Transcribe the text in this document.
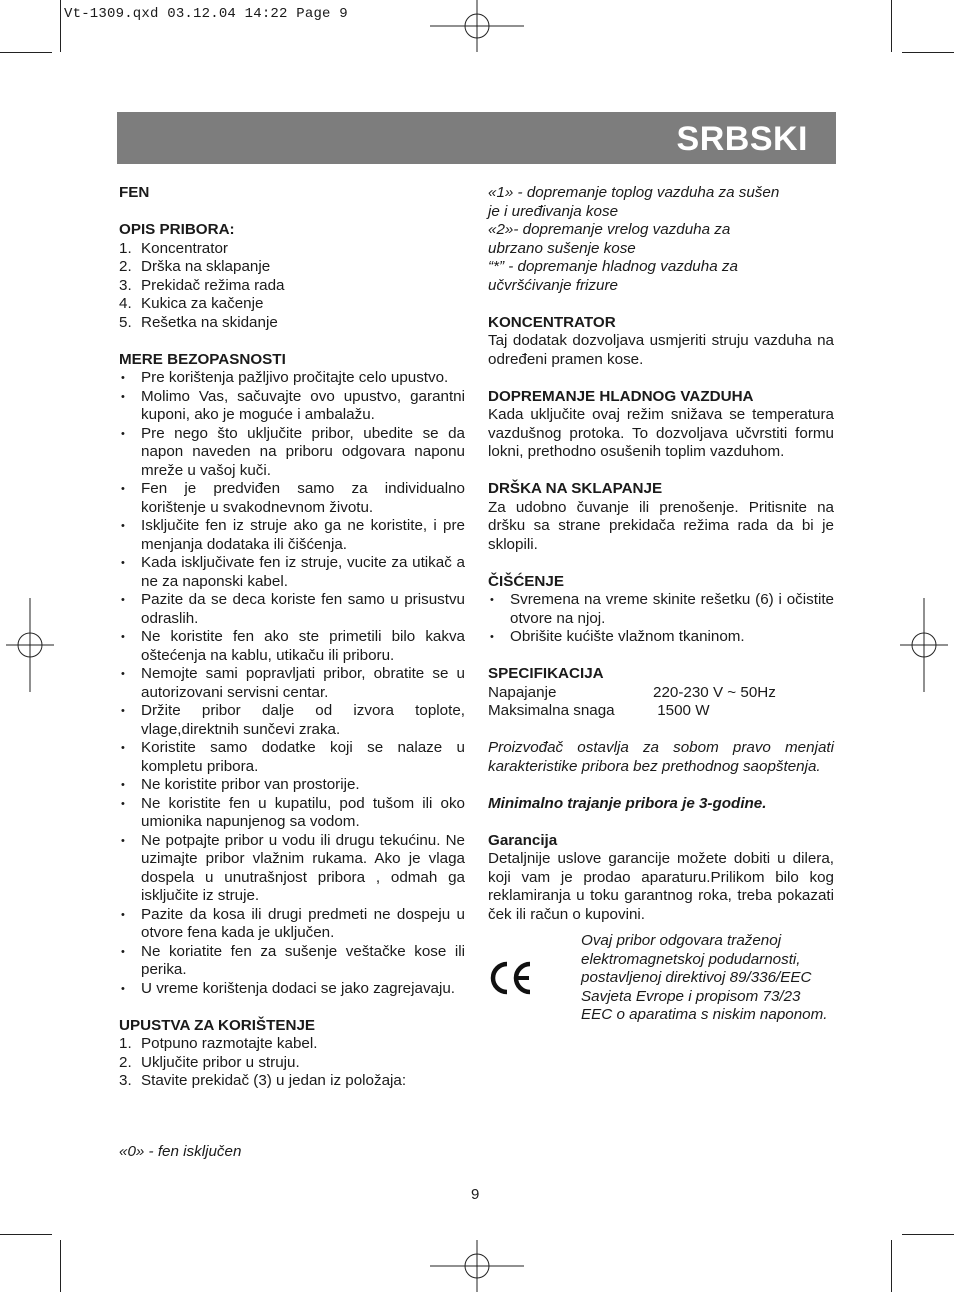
Vt-1309.qxd 03.12.04 14:22 Page 9
SRBSKI
FEN
OPIS PRIBORA:
1. Koncentrator
2. Drška na sklapanje
3. Prekidač režima rada
4. Kukica za kačenje
5. Rešetka na skidanje
MERE BEZOPASNOSTI
• Pre korištenja pažljivo pročitajte celo upustvo.
• Molimo Vas, sačuvajte ovo upustvo, garantni kuponi, ako je moguće i ambalažu.
• Pre nego što uključite pribor, ubedite se da napon naveden na priboru odgovara naponu mreže u vašoj kuči.
• Fen je predviđen samo za individualno korištenje u svakodnevnom životu.
• Isključite fen iz struje ako ga ne koristite, i pre menjanja dodataka ili čišćenja.
• Kada isključivate fen iz struje, vucite za utikač a ne za naponski kabel.
• Pazite da se deca koriste fen samo u prisustvu odraslih.
• Ne koristite fen ako ste primetili bilo kakva oštećenja na kablu, utikaču ili priboru.
• Nemojte sami popravljati pribor, obratite se u autorizovani servisni centar.
• Držite pribor dalje od izvora toplote, vlage,direktnih sunčevi zraka.
• Koristite samo dodatke koji se nalaze u kompletu pribora.
• Ne koristite pribor van prostorije.
• Ne koristite fen u kupatilu, pod tušom ili oko umionika napunjenog sa vodom.
• Ne potpajte pribor u vodu ili drugu tekućinu. Ne uzimajte pribor vlažnim rukama. Ako je vlaga dospela u unutrašnjost pribora , odmah ga isključite iz struje.
• Pazite da kosa ili drugi predmeti ne dospeju u otvore fena kada je uključen.
• Ne koriatite fen za sušenje veštačke kose ili perika.
• U vreme korištenja dodaci se jako zagrejavaju.
UPUSTVA ZA KORIŠTENJE
1. Potpuno razmotajte kabel.
2. Uključite pribor u struju.
3. Stavite prekidač (3) u jedan iz položaja:
«0» - fen isključen
«1» - dopremanje toplog vazduha za sušen
je i uređivanja kose
«2»- dopremanje vrelog vazduha za
ubrzano sušenje kose
“*” - dopremanje hladnog vazduha za
učvršćivanje frizure
KONCENTRATOR
Taj dodatak dozvoljava usmjeriti struju vazduha na određeni pramen kose.
DOPREMANJE HLADNOG VAZDUHA
Kada uključite ovaj režim snižava se temperatura vazdušnog protoka. To dozvoljava učvrstiti formu lokni, prethodno osušenih toplim vazduhom.
DRŠKA NA SKLAPANJE
Za udobno čuvanje ili prenošenje. Pritisnite na dršku sa strane prekidača režima rada da bi je sklopili.
ČIŠĆENJE
• Svremena na vreme skinite rešetku (6) i očistite otvore na njoj.
• Obrišite kućište vlažnom tkaninom.
SPECIFIKACIJA
Napajanje	220-230 V ~ 50Hz
Maksimalna snaga	1500 W
Proizvođač ostavlja za sobom pravo menjati karakteristike pribora bez prethodnog saopštenja.
Minimalno trajanje pribora je 3-godine.
Garancija
Detaljnije uslove garancije možete dobiti u dilera, koji vam je prodao aparaturu.Prilikom bilo kog reklamiranja u toku garantnog roka, treba pokazati ček ili račun o kupovini.
Ovaj pribor odgovara traženoj elektromagnetskoj podudarnosti, postavljenoj direktivoj 89/336/EEC Savjeta Evrope i propisom 73/23 EEC o aparatima s niskim naponom.
9
